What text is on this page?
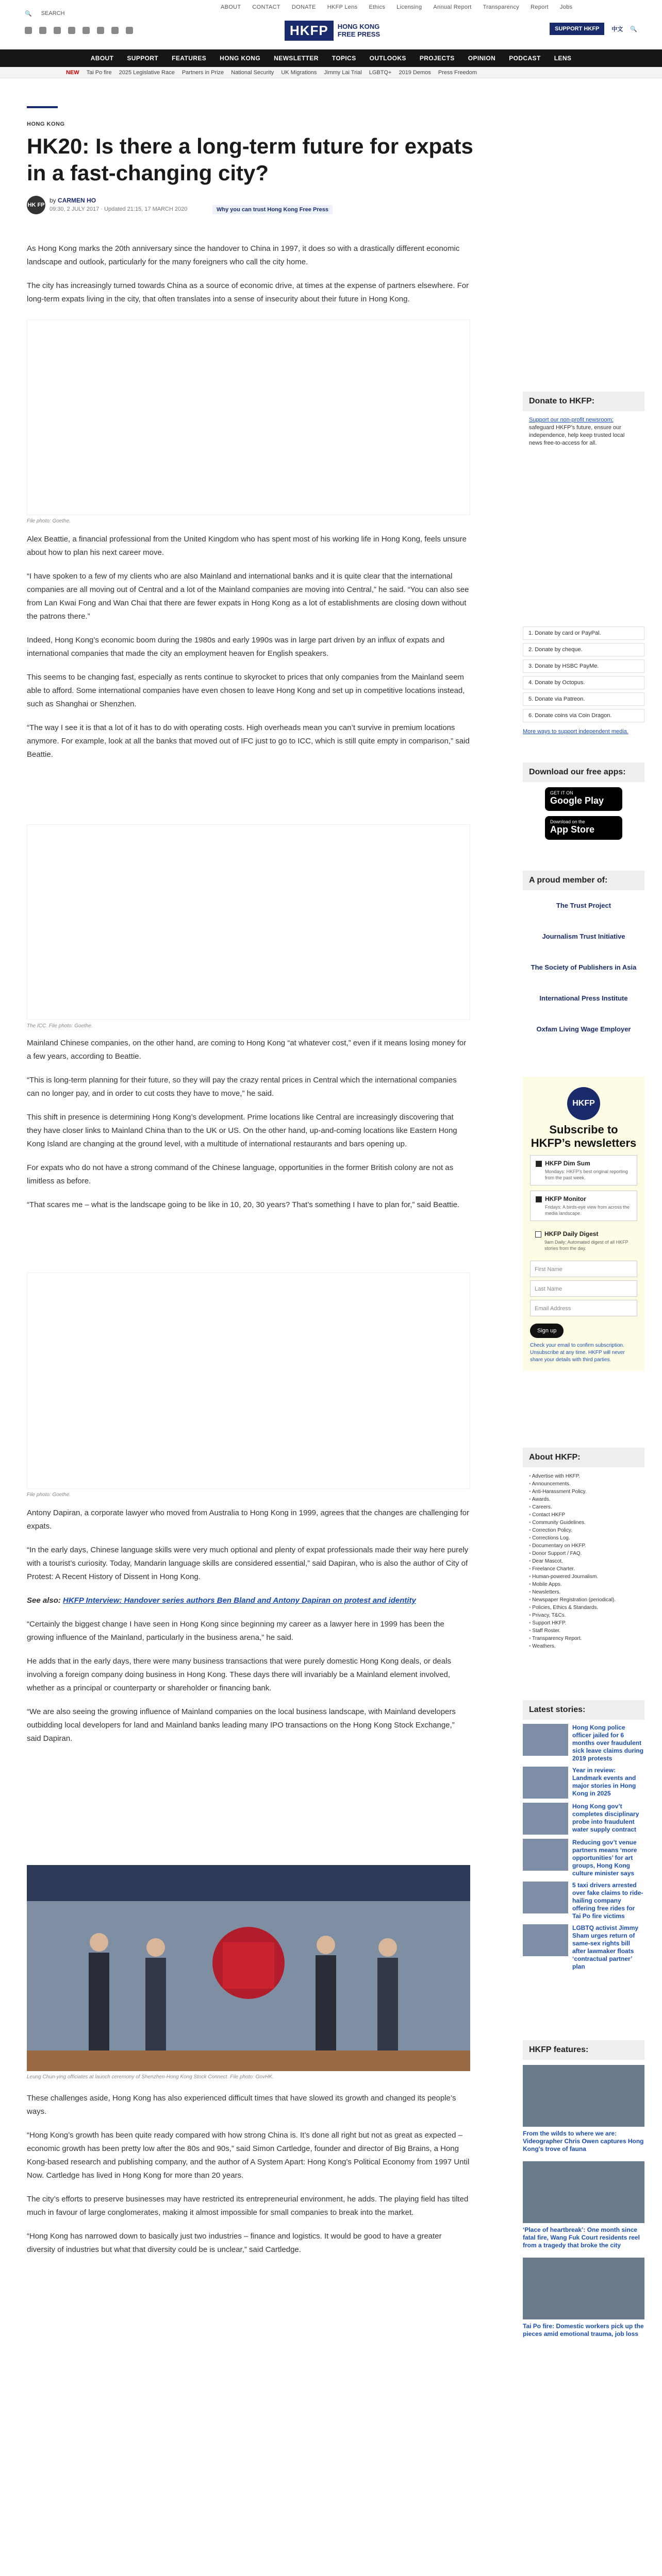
🔍 SEARCH
ABOUT CONTACT DONATE HKFP Lens Ethics Licensing Annual Report Transparency Report Jobs
HKFP	HONG KONG
FREE PRESS
SUPPORT HKFP	中文 🔍
ABOUT SUPPORT FEATURES HONG KONG NEWSLETTER TOPICS OUTLOOKS PROJECTS OPINION PODCAST LENS
NEW Tai Po fire 2025 Legislative Race Partners in Prize National Security UK Migrations Jimmy Lai Trial LGBTQ+ 2019 Demos Press Freedom
HONG KONG
HK20: Is there a long-term future for expats in a fast-changing city?
HK FP
by CARMEN HO
09:30, 2 JULY 2017 · Updated 21:15, 17 MARCH 2020	Why you can trust Hong Kong Free Press

As Hong Kong marks the 20th anniversary since the handover to China in 1997, it does so with a drastically different economic landscape and outlook, particularly for the many foreigners who call the city home.

The city has increasingly turned towards China as a source of economic drive, at times at the expense of partners elsewhere. For long-term expats living in the city, that often translates into a sense of insecurity about their future in Hong Kong.

File photo: Goethe.

Alex Beattie, a financial professional from the United Kingdom who has spent most of his working life in Hong Kong, feels unsure about how to plan his next career move.

“I have spoken to a few of my clients who are also Mainland and international banks and it is quite clear that the international companies are all moving out of Central and a lot of the Mainland companies are moving into Central,” he said. “You can also see from Lan Kwai Fong and Wan Chai that there are fewer expats in Hong Kong as a lot of establishments are closing down without the patrons there.”

Indeed, Hong Kong’s economic boom during the 1980s and early 1990s was in large part driven by an influx of expats and international companies that made the city an employment heaven for English speakers.

This seems to be changing fast, especially as rents continue to skyrocket to prices that only companies from the Mainland seem able to afford. Some international companies have even chosen to leave Hong Kong and set up in competitive locations instead, such as Shanghai or Shenzhen.

“The way I see it is that a lot of it has to do with operating costs. High overheads mean you can’t survive in premium locations anymore. For example, look at all the banks that moved out of IFC just to go to ICC, which is still quite empty in comparison,” said Beattie.

The ICC. File photo: Goethe.

Mainland Chinese companies, on the other hand, are coming to Hong Kong “at whatever cost,” even if it means losing money for a few years, according to Beattie.

“This is long-term planning for their future, so they will pay the crazy rental prices in Central which the international companies can no longer pay, and in order to cut costs they have to move,” he said.

This shift in presence is determining Hong Kong’s development. Prime locations like Central are increasingly discovering that they have closer links to Mainland China than to the UK or US. On the other hand, up-and-coming locations like Eastern Hong Kong Island are changing at the ground level, with a multitude of international restaurants and bars opening up.

For expats who do not have a strong command of the Chinese language, opportunities in the former British colony are not as limitless as before.

“That scares me – what is the landscape going to be like in 10, 20, 30 years? That’s something I have to plan for,” said Beattie.

File photo: Goethe.

Antony Dapiran, a corporate lawyer who moved from Australia to Hong Kong in 1999, agrees that the changes are challenging for expats.

“In the early days, Chinese language skills were very much optional and plenty of expat professionals made their way here purely with a tourist’s curiosity. Today, Mandarin language skills are considered essential,” said Dapiran, who is also the author of City of Protest: A Recent History of Dissent in Hong Kong.

See also: HKFP Interview: Handover series authors Ben Bland and Antony Dapiran on protest and identity

“Certainly the biggest change I have seen in Hong Kong since beginning my career as a lawyer here in 1999 has been the growing influence of the Mainland, particularly in the business arena,” he said.

He adds that in the early days, there were many business transactions that were purely domestic Hong Kong deals, or deals involving a foreign company doing business in Hong Kong. These days there will invariably be a Mainland element involved, whether as a principal or counterparty or shareholder or financing bank.

“We are also seeing the growing influence of Mainland companies on the local business landscape, with Mainland developers outbidding local developers for land and Mainland banks leading many IPO transactions on the Hong Kong Stock Exchange,” said Dapiran.

Leung Chun-ying officiates at launch ceremony of Shenzhen-Hong Kong Stock Connect. File photo: GovHK.

These challenges aside, Hong Kong has also experienced difficult times that have slowed its growth and changed its people’s ways.

“Hong Kong’s growth has been quite ready compared with how strong China is. It’s done all right but not as great as expected – economic growth has been pretty low after the 80s and 90s,” said Simon Cartledge, founder and director of Big Brains, a Hong Kong-based research and publishing company, and the author of A System Apart: Hong Kong’s Political Economy from 1997 Until Now. Cartledge has lived in Hong Kong for more than 20 years.

The city’s efforts to preserve businesses may have restricted its entrepreneurial environment, he adds. The playing field has tilted much in favour of large conglomerates, making it almost impossible for small companies to break into the market.

“Hong Kong has narrowed down to basically just two industries – finance and logistics. It would be good to have a greater diversity of industries but what that diversity could be is unclear,” said Cartledge.

Donate to HKFP:
Support our non-profit newsroom: safeguard HKFP’s future, ensure our independence, help keep trusted local news free-to-access for all.
1. Donate by card or PayPal.
2. Donate by cheque.
3. Donate by HSBC PayMe.
4. Donate by Octopus.
5. Donate via Patreon.
6. Donate coins via Coin Dragon.
More ways to support independent media.
Download our free apps:
GET IT ON
Google Play
Download on the
App Store
A proud member of:
The Trust Project
Journalism Trust Initiative
The Society of Publishers in Asia
International Press Institute
Oxfam Living Wage Employer
HKFP
Subscribe to HKFP’s newsletters
HKFP Dim Sum
Mondays: HKFP’s best original reporting from the past week.
HKFP Monitor
Fridays: A birds-eye view from across the media landscape.
HKFP Daily Digest
9am Daily: Automated digest of all HKFP stories from the day.
First Name
Last Name
Email Address
Sign up
Check your email to confirm subscription. Unsubscribe at any time. HKFP will never share your details with third parties.
About HKFP:
• Advertise with HKFP.
• Announcements.
• Anti-Harassment Policy.
• Awards.
• Careers.
• Contact HKFP
• Community Guidelines.
• Correction Policy.
• Corrections Log.
• Documentary on HKFP.
• Donor Support / FAQ.
• Dear Mascot.
• Freelance Charter.
• Human-powered Journalism.
• Mobile Apps.
• Newsletters.
• Newspaper Registration (periodical).
• Policies, Ethics & Standards.
• Privacy, T&Cs.
• Support HKFP.
• Staff Roster.
• Transparency Report.
• Weathers.
Latest stories:
Hong Kong police officer jailed for 6 months over fraudulent sick leave claims during 2019 protests
Year in review: Landmark events and major stories in Hong Kong in 2025
Hong Kong gov’t completes disciplinary probe into fraudulent water supply contract
Reducing gov’t venue partners means ‘more opportunities’ for art groups, Hong Kong culture minister says
5 taxi drivers arrested over fake claims to ride-hailing company offering free rides for Tai Po fire victims
LGBTQ activist Jimmy Sham urges return of same-sex rights bill after lawmaker floats ‘contractual partner’ plan
HKFP features:
From the wilds to where we are: Videographer Chris Owen captures Hong Kong’s trove of fauna
‘Place of heartbreak’: One month since fatal fire, Wang Fuk Court residents reel from a tragedy that broke the city
Tai Po fire: Domestic workers pick up the pieces amid emotional trauma, job loss
